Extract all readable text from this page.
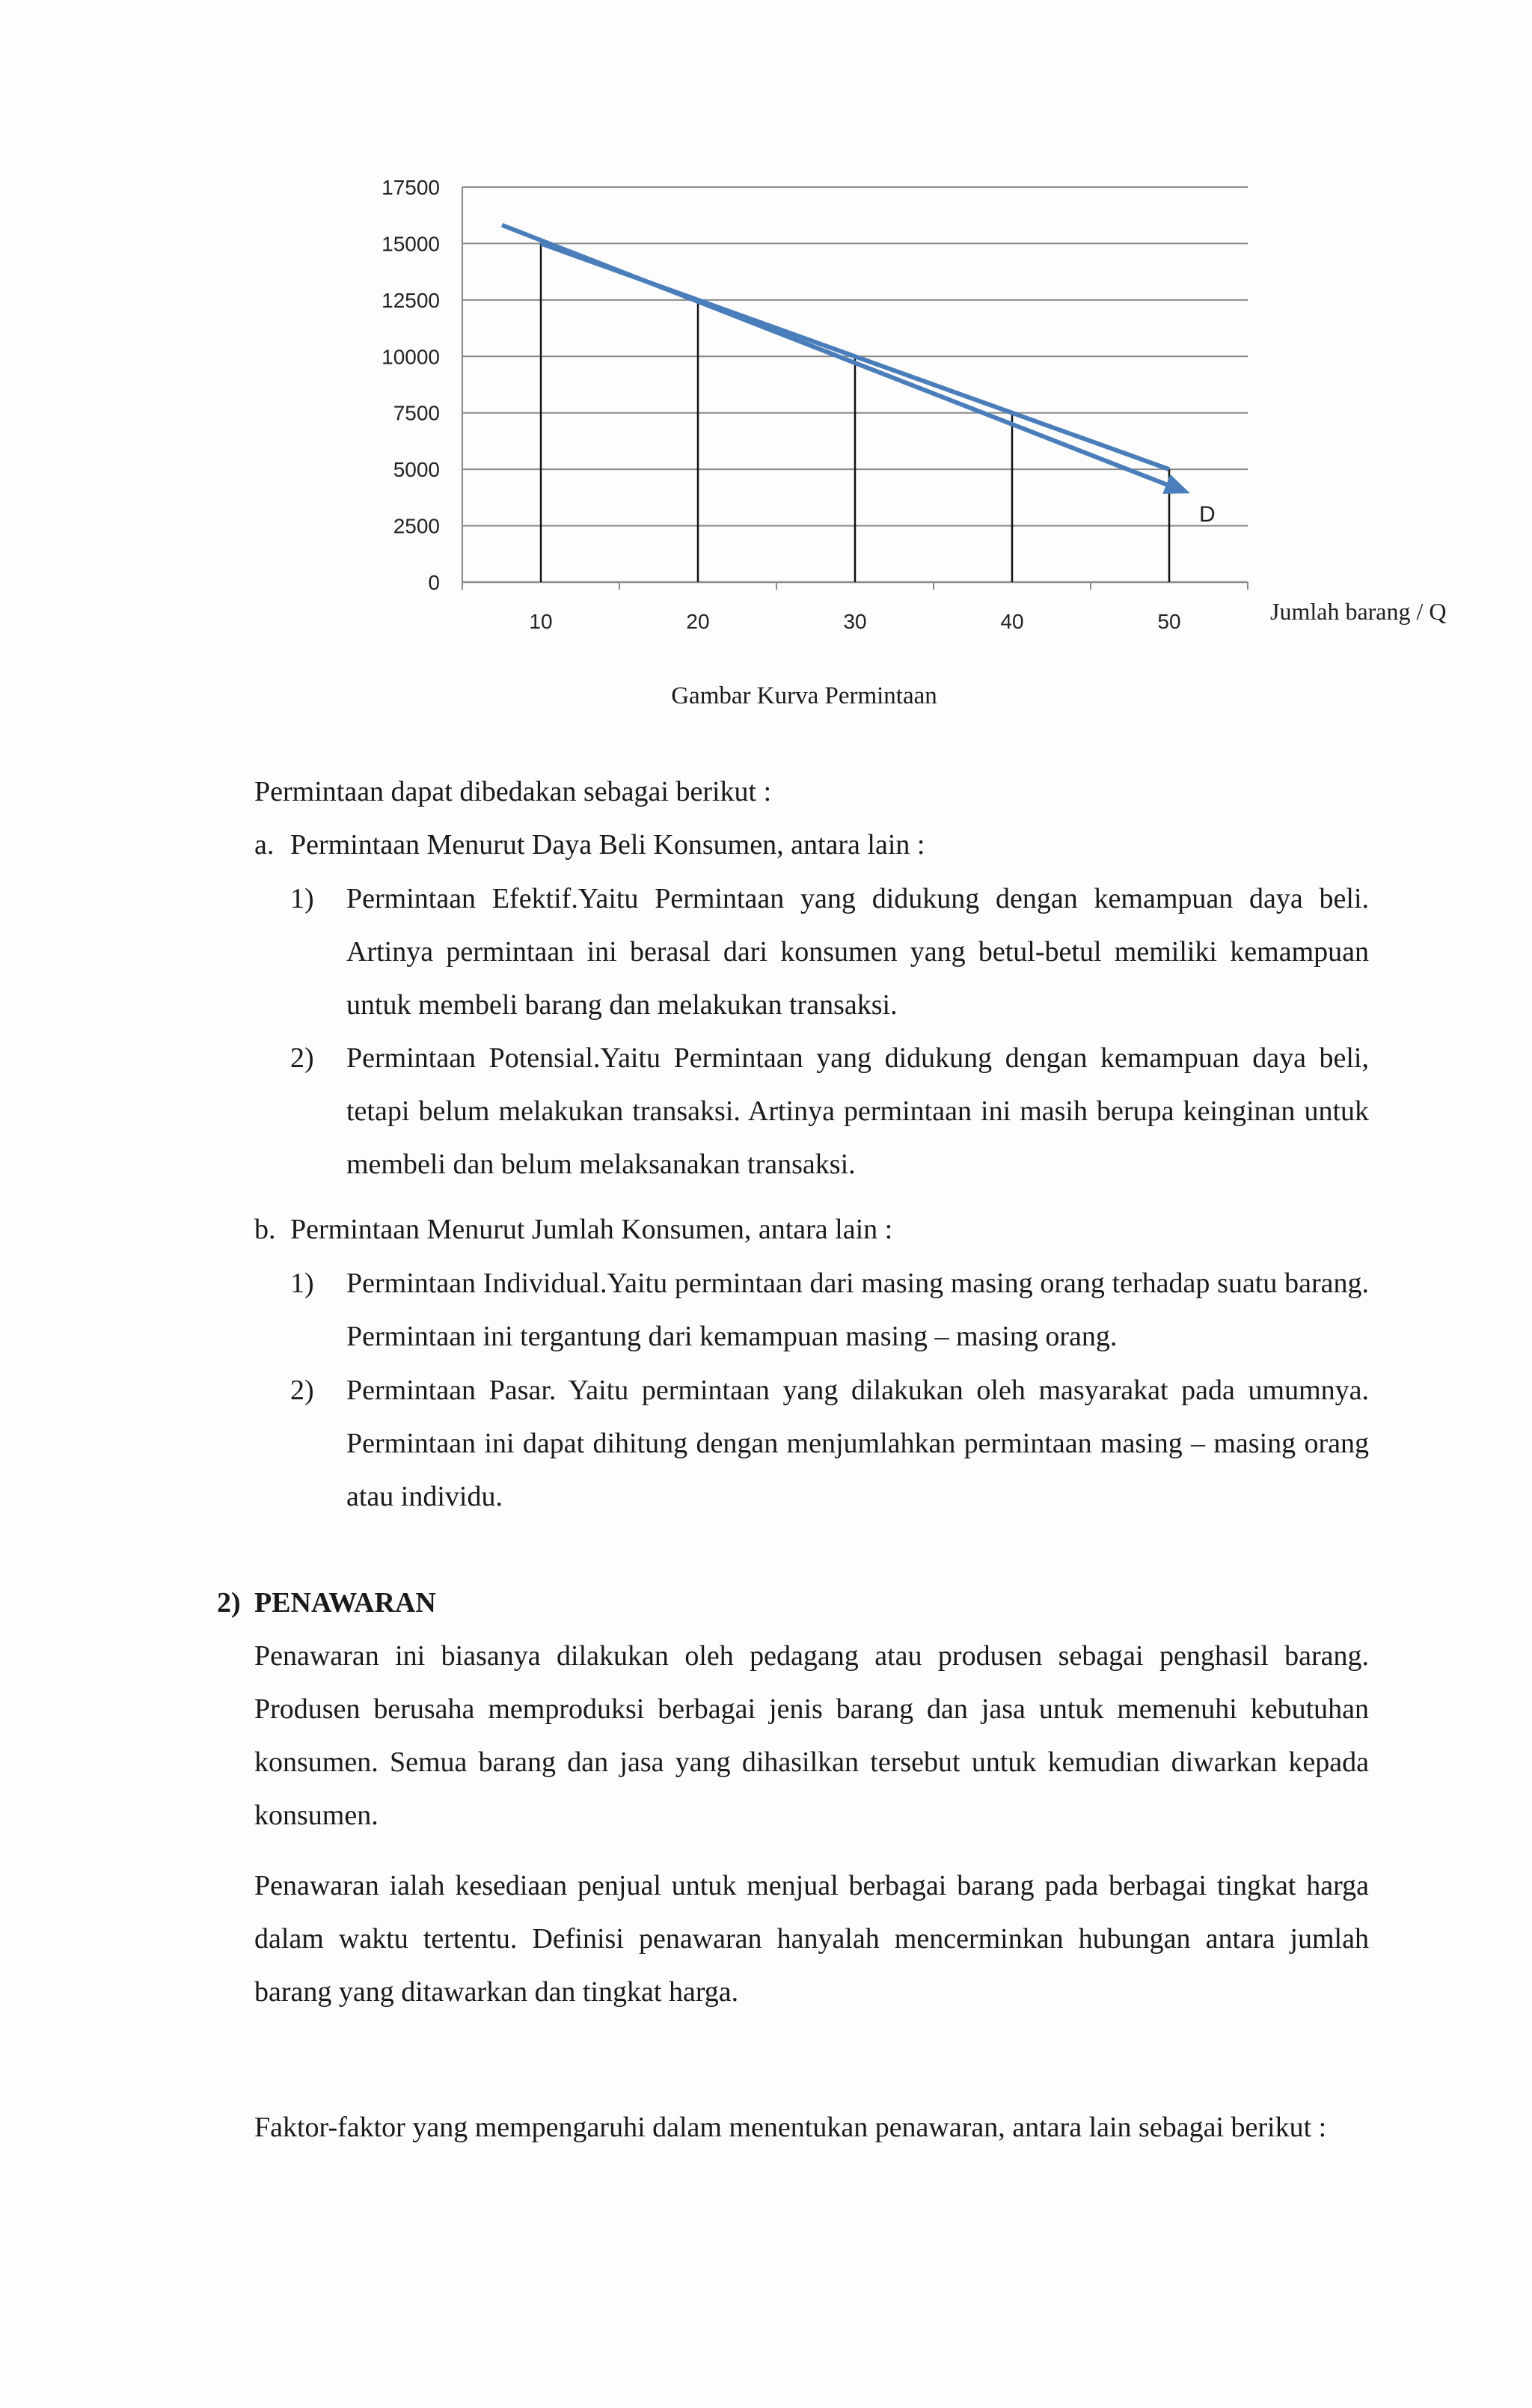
0
2500
5000
7500
10000
12500
15000
17500
10	20	30	40	50
D
Jumlah barang / Q
Gambar Kurva Permintaan

Permintaan dapat dibedakan sebagai berikut :

a. Permintaan Menurut Daya Beli Konsumen, antara lain :
1) Permintaan Efektif.Yaitu Permintaan yang didukung dengan kemampuan daya beli. Artinya permintaan ini berasal dari konsumen yang betul-betul memiliki kemampuan untuk membeli barang dan melakukan transaksi.

2) Permintaan Potensial.Yaitu Permintaan yang didukung dengan kemampuan daya beli, tetapi belum melakukan transaksi. Artinya permintaan ini masih berupa keinginan untuk membeli dan belum melaksanakan transaksi.

b. Permintaan Menurut Jumlah Konsumen, antara lain :
1) Permintaan Individual.Yaitu permintaan dari masing masing orang terhadap suatu barang. Permintaan ini tergantung dari kemampuan masing – masing orang.

2) Permintaan Pasar. Yaitu permintaan yang dilakukan oleh masyarakat pada umumnya. Permintaan ini dapat dihitung dengan menjumlahkan permintaan masing – masing orang atau individu.

2) PENAWARAN

Penawaran ini biasanya dilakukan oleh pedagang atau produsen sebagai penghasil barang. Produsen berusaha memproduksi berbagai jenis barang dan jasa untuk memenuhi kebutuhan konsumen. Semua barang dan jasa yang dihasilkan tersebut untuk kemudian diwarkan kepada konsumen.

Penawaran ialah kesediaan penjual untuk menjual berbagai barang pada berbagai tingkat harga dalam waktu tertentu. Definisi penawaran hanyalah mencerminkan hubungan antara jumlah barang yang ditawarkan dan tingkat harga.

Faktor-faktor yang mempengaruhi dalam menentukan penawaran, antara lain sebagai berikut :
